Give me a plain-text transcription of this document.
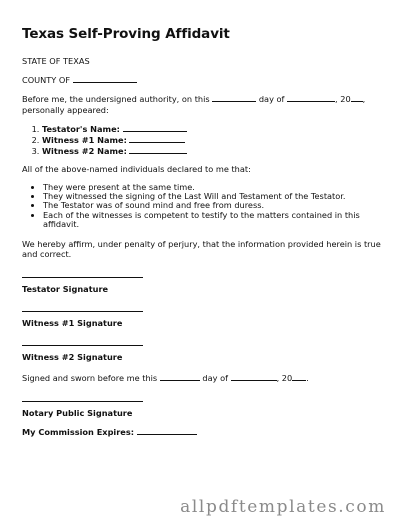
Texas Self-Proving Affidavit
STATE OF TEXAS
COUNTY OF
Before me, the undersigned authority, on this	day of	, 20 ,
personally appeared:
1. Testator's Name:
2. Witness #1 Name:
3. Witness #2 Name:
All of the above-named individuals declared to me that:
• They were present at the same time.
• They witnessed the signing of the Last Will and Testament of the Testator.
• The Testator was of sound mind and free from duress.
• Each of the witnesses is competent to testify to the matters contained in this affidavit.
We hereby affirm, under penalty of perjury, that the information provided herein is true and correct.
Testator Signature
Witness #1 Signature
Witness #2 Signature
Signed and sworn before me this	day of	, 20 .
Notary Public Signature
My Commission Expires:
allpdftemplates.com
